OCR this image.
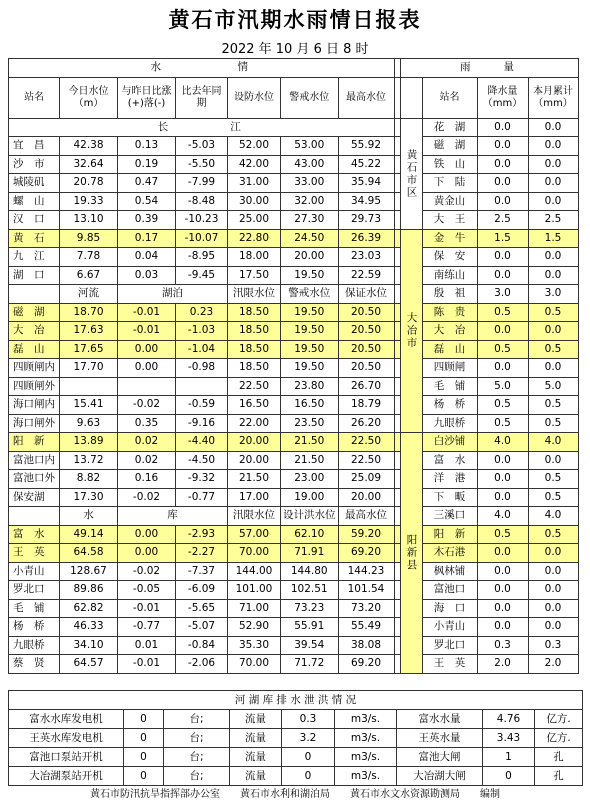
黄石市汛期水雨情日报表
2022 年 10 月 6 日 8 时
水　　　　　情								雨　　量			
站名	今日水位（m）	与昨日比涨(+)落(-)	比去年同　期	设防水位	警戒水位	最高水位			站名	降水量（mm）	本月累计（mm）
长　　　　江								黄石市区	花　湖	0.0	0.0
宜　昌	42.38	0.13	-5.03	52.00	53.00	55.92			磁　湖	0.0	0.0
沙　市	32.64	0.19	-5.50	42.00	43.00	45.22			铁　山	0.0	0.0
城陵矶	20.78	0.47	-7.99	31.00	33.00	35.94			下　陆	0.0	0.0
螺　山	19.33	0.54	-8.48	30.00	32.00	34.95			黄金山	0.0	0.0
汉　口	13.10	0.39	-10.23	25.00	27.30	29.73			大　王	2.5	2.5
黄　石	9.85	0.17	-10.07	22.80	24.50	26.39		大冶市	金　牛	1.5	1.5
九　江	7.78	0.04	-8.95	18.00	20.00	23.03			保　安	0.0	0.0
湖　口	6.67	0.03	-9.45	17.50	19.50	22.59			南练山	0.0	0.0
	河流	湖泊		汛限水位	警戒水位	保证水位			殷　祖	3.0	3.0
磁　湖	18.70	-0.01	0.23	18.50	19.50	20.50			陈　贵	0.5	0.5
大　冶	17.63	-0.01	-1.03	18.50	19.50	20.50			大　冶	0.0	0.0
磊　山	17.65	0.00	-1.04	18.50	19.50	20.50			磊　山	0.5	0.5
四顾闸内	17.70	0.00	-0.98	18.50	19.50	20.50			四顾闸	0.0	0.0
四顾闸外				22.50	23.80	26.70			毛　铺	5.0	5.0
海口闸内	15.41	-0.02	-0.59	16.50	16.50	18.79			杨　桥	0.5	0.5
海口闸外	9.63	0.35	-9.16	22.00	23.50	26.20			九眼桥	0.5	0.5
阳　新	13.89	0.02	-4.40	20.00	21.50	22.50		阳新县	白沙铺	4.0	4.0
富池口内	13.72	0.02	-4.50	20.00	21.50	22.50			富　水	0.0	0.0
富池口外	8.82	0.16	-9.32	21.50	23.00	25.09			洋　港	0.0	0.5
保安湖	17.30	-0.02	-0.77	17.00	19.00	20.00			下　畈	0.0	0.5
	水	库		汛限水位	设计洪水位	最高水位			三溪口	4.0	4.0
富　水	49.14	0.00	-2.93	57.00	62.10	59.20			阳　新	0.5	0.5
王　英	64.58	0.00	-2.27	70.00	71.91	69.20			木石港	0.0	0.0
小青山	128.67	-0.02	-7.37	144.00	144.80	144.23			枫林铺	0.0	0.0
罗北口	89.86	-0.05	-6.09	101.00	102.51	101.54			富池口	0.0	0.0
毛　铺	62.82	-0.01	-5.65	71.00	73.23	73.20			海　口	0.0	0.0
杨　桥	46.33	-0.77	-5.07	52.90	55.91	55.49			小青山	0.0	0.0
九眼桥	34.10	0.01	-0.84	35.30	39.54	38.08			罗北口	0.3	0.3
蔡　贤	64.57	-0.01	-2.06	70.00	71.72	69.20			王　英	2.0	2.0
河 湖 库 排 水 泄 洪 情 况								
富水水库发电机	0	台;	流量	0.3	m3/s.	富水水量	4.76	亿方.
王英水库发电机	0	台;	流量	3.2	m3/s.	王英水量	3.43	亿方.
富池口泵站开机	0	台;	流量	0	m3/s.	富池大闸	1	孔
大冶湖泵站开机	0	台;	流量	0	m3/s.	大冶湖大闸	0	孔
黄石市防汛抗旱指挥部办公室　　黄石市水利和湖泊局　　黄石市水文水资源勘测局　　编制
